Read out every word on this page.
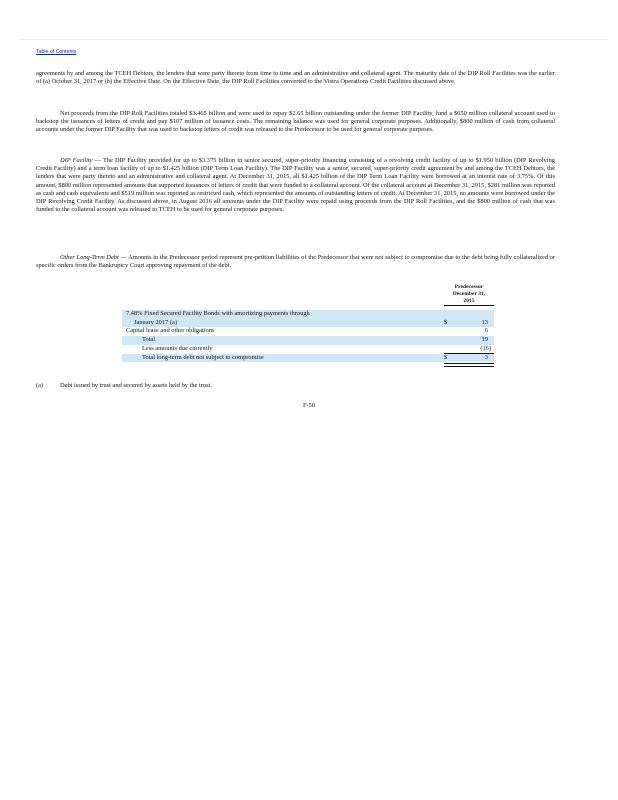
Table of Contents

agreements by and among the TCEH Debtors, the lenders that were party thereto from time to time and an administrative and collateral agent. The maturity date of the DIP Roll Facilities was the earlier of (a) October 31, 2017 or (b) the Effective Date. On the Effective Date, the DIP Roll Facilities converted to the Vistra Operations Credit Facilities discussed above.

Net proceeds from the DIP Roll Facilities totaled $3.465 billion and were used to repay $2.65 billion outstanding under the former DIP Facility, fund a $650 million collateral account used to backstop the issuances of letters of credit and pay $107 million of issuance costs. The remaining balance was used for general corporate purposes. Additionally, $800 million of cash from collateral accounts under the former DIP Facility that was used to backstop letters of credit was released to the Predecessor to be used for general corporate purposes.

DIP Facility — The DIP Facility provided for up to $3.375 billion in senior secured, super-priority financing consisting of a revolving credit facility of up to $1.950 billion (DIP Revolving Credit Facility) and a term loan facility of up to $1.425 billion (DIP Term Loan Facility). The DIP Facility was a senior, secured, super-priority credit agreement by and among the TCEH Debtors, the lenders that were party thereto and an administrative and collateral agent. At December 31, 2015, all $1.425 billion of the DIP Term Loan Facility were borrowed at an interest rate of 3.75%. Of this amount, $800 million represented amounts that supported issuances of letters of credit that were funded to a collateral account. Of the collateral account at December 31, 2015, $281 million was reported as cash and cash equivalents and $519 million was reported as restricted cash, which represented the amounts of outstanding letters of credit. At December 31, 2015, no amounts were borrowed under the DIP Revolving Credit Facility. As discussed above, in August 2016 all amounts under the DIP Facility were repaid using proceeds from the DIP Roll Facilities, and the $800 million of cash that was funded to the collateral account was released to TCEH to be used for general corporate purposes.

Other Long-Term Debt — Amounts in the Predecessor period represent pre-petition liabilities of the Predecessor that were not subject to compromise due to the debt being fully collateralized or specific orders from the Bankruptcy Court approving repayment of the debt.

Predecessor
December 31,
2015
7.48% Fixed Secured Facility Bonds with amortizing payments through
January 2017 (a)	$	13
Capital lease and other obligations	6
Total	19
Less amounts due currently	(16)
Total long-term debt not subject to compromise	$	3
(a)	Debt issued by trust and secured by assets held by the trust.
F-50
